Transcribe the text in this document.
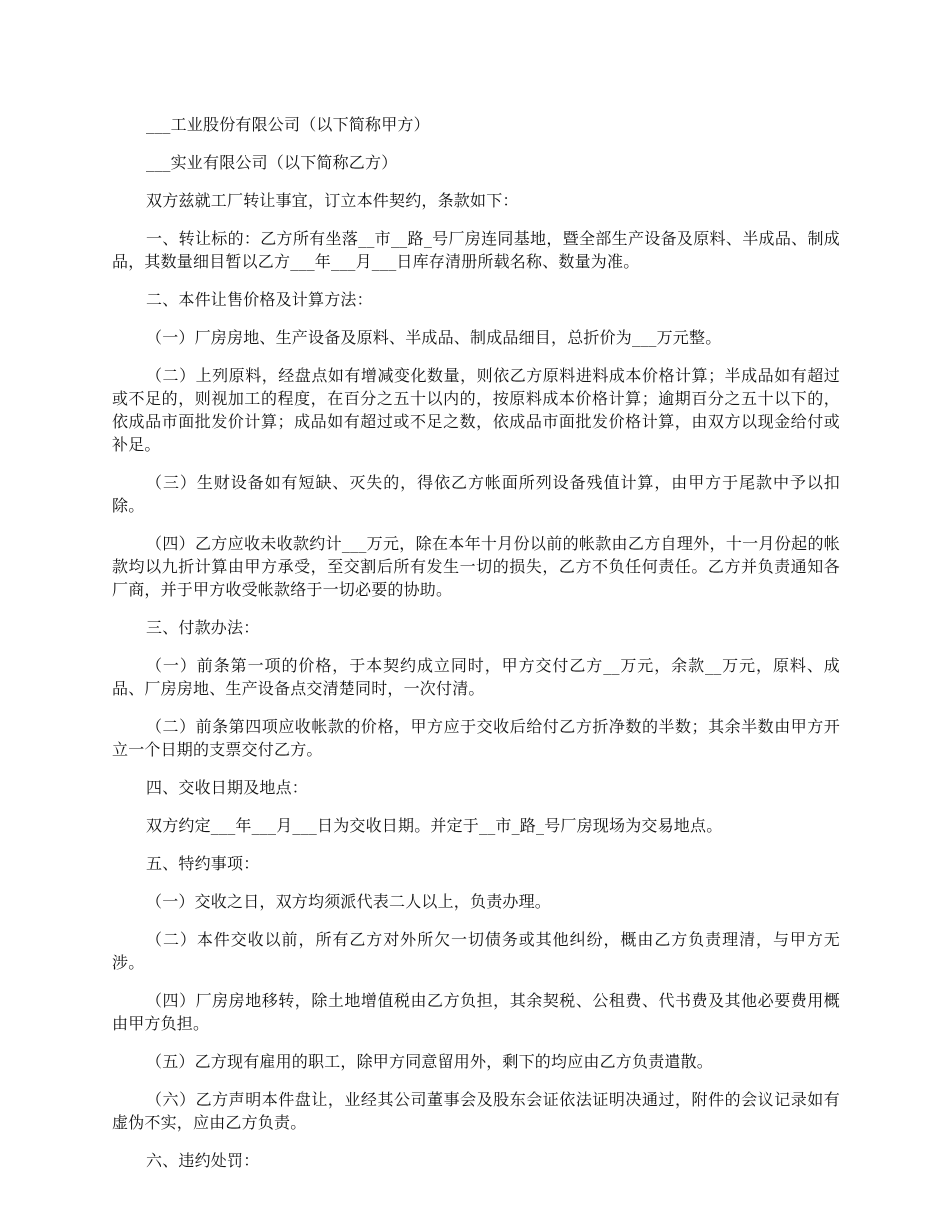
___工业股份有限公司（以下简称甲方）

___实业有限公司（以下简称乙方）

双方兹就工厂转让事宜，订立本件契约，条款如下：

一、转让标的：乙方所有坐落__市__路_号厂房连同基地，暨全部生产设备及原料、半成品、制成品，其数量细目暂以乙方___年___月___日库存清册所载名称、数量为准。

二、本件让售价格及计算方法：

（一）厂房房地、生产设备及原料、半成品、制成品细目，总折价为___万元整。

（二）上列原料，经盘点如有增减变化数量，则依乙方原料进料成本价格计算；半成品如有超过或不足的，则视加工的程度，在百分之五十以内的，按原料成本价格计算；逾期百分之五十以下的，依成品市面批发价计算；成品如有超过或不足之数，依成品市面批发价格计算，由双方以现金给付或补足。

（三）生财设备如有短缺、灭失的，得依乙方帐面所列设备残值计算，由甲方于尾款中予以扣除。

（四）乙方应收未收款约计___万元，除在本年十月份以前的帐款由乙方自理外，十一月份起的帐款均以九折计算由甲方承受，至交割后所有发生一切的损失，乙方不负任何责任。乙方并负责通知各厂商，并于甲方收受帐款络于一切必要的协助。

三、付款办法：

（一）前条第一项的价格，于本契约成立同时，甲方交付乙方__万元，余款__万元，原料、成品、厂房房地、生产设备点交清楚同时，一次付清。

（二）前条第四项应收帐款的价格，甲方应于交收后给付乙方折净数的半数；其余半数由甲方开立一个日期的支票交付乙方。

四、交收日期及地点：

双方约定___年___月___日为交收日期。并定于__市_路_号厂房现场为交易地点。

五、特约事项：

（一）交收之日，双方均须派代表二人以上，负责办理。

（二）本件交收以前，所有乙方对外所欠一切债务或其他纠纷，概由乙方负责理清，与甲方无涉。

（四）厂房房地移转，除土地增值税由乙方负担，其余契税、公租费、代书费及其他必要费用概由甲方负担。

（五）乙方现有雇用的职工，除甲方同意留用外，剩下的均应由乙方负责遣散。

（六）乙方声明本件盘让，业经其公司董事会及股东会证依法证明决通过，附件的会议记录如有虚伪不实，应由乙方负责。

六、违约处罚：
